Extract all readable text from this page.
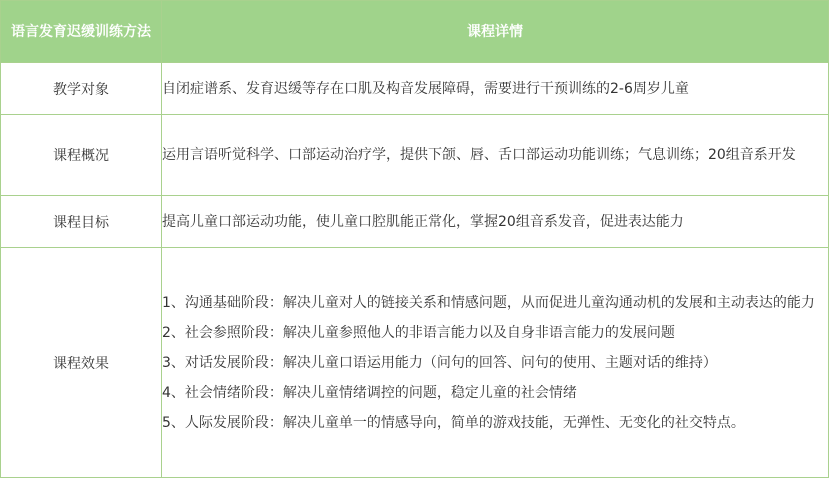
语言发育迟缓训练方法	课程详情
教学对象	自闭症谱系、发育迟缓等存在口肌及构音发展障碍，需要进行干预训练的2-6周岁儿童
课程概况	运用言语听觉科学、口部运动治疗学，提供下颌、唇、舌口部运动功能训练；气息训练；20组音系开发
课程目标	提高儿童口部运动功能，使儿童口腔肌能正常化，掌握20组音系发音，促进表达能力
课程效果	1、沟通基础阶段：解决儿童对人的链接关系和情感问题，从而促进儿童沟通动机的发展和主动表达的能力
2、社会参照阶段：解决儿童参照他人的非语言能力以及自身非语言能力的发展问题
3、对话发展阶段：解决儿童口语运用能力（问句的回答、问句的使用、主题对话的维持）
4、社会情绪阶段：解决儿童情绪调控的问题，稳定儿童的社会情绪
5、人际发展阶段：解决儿童单一的情感导向，简单的游戏技能，无弹性、无变化的社交特点。
